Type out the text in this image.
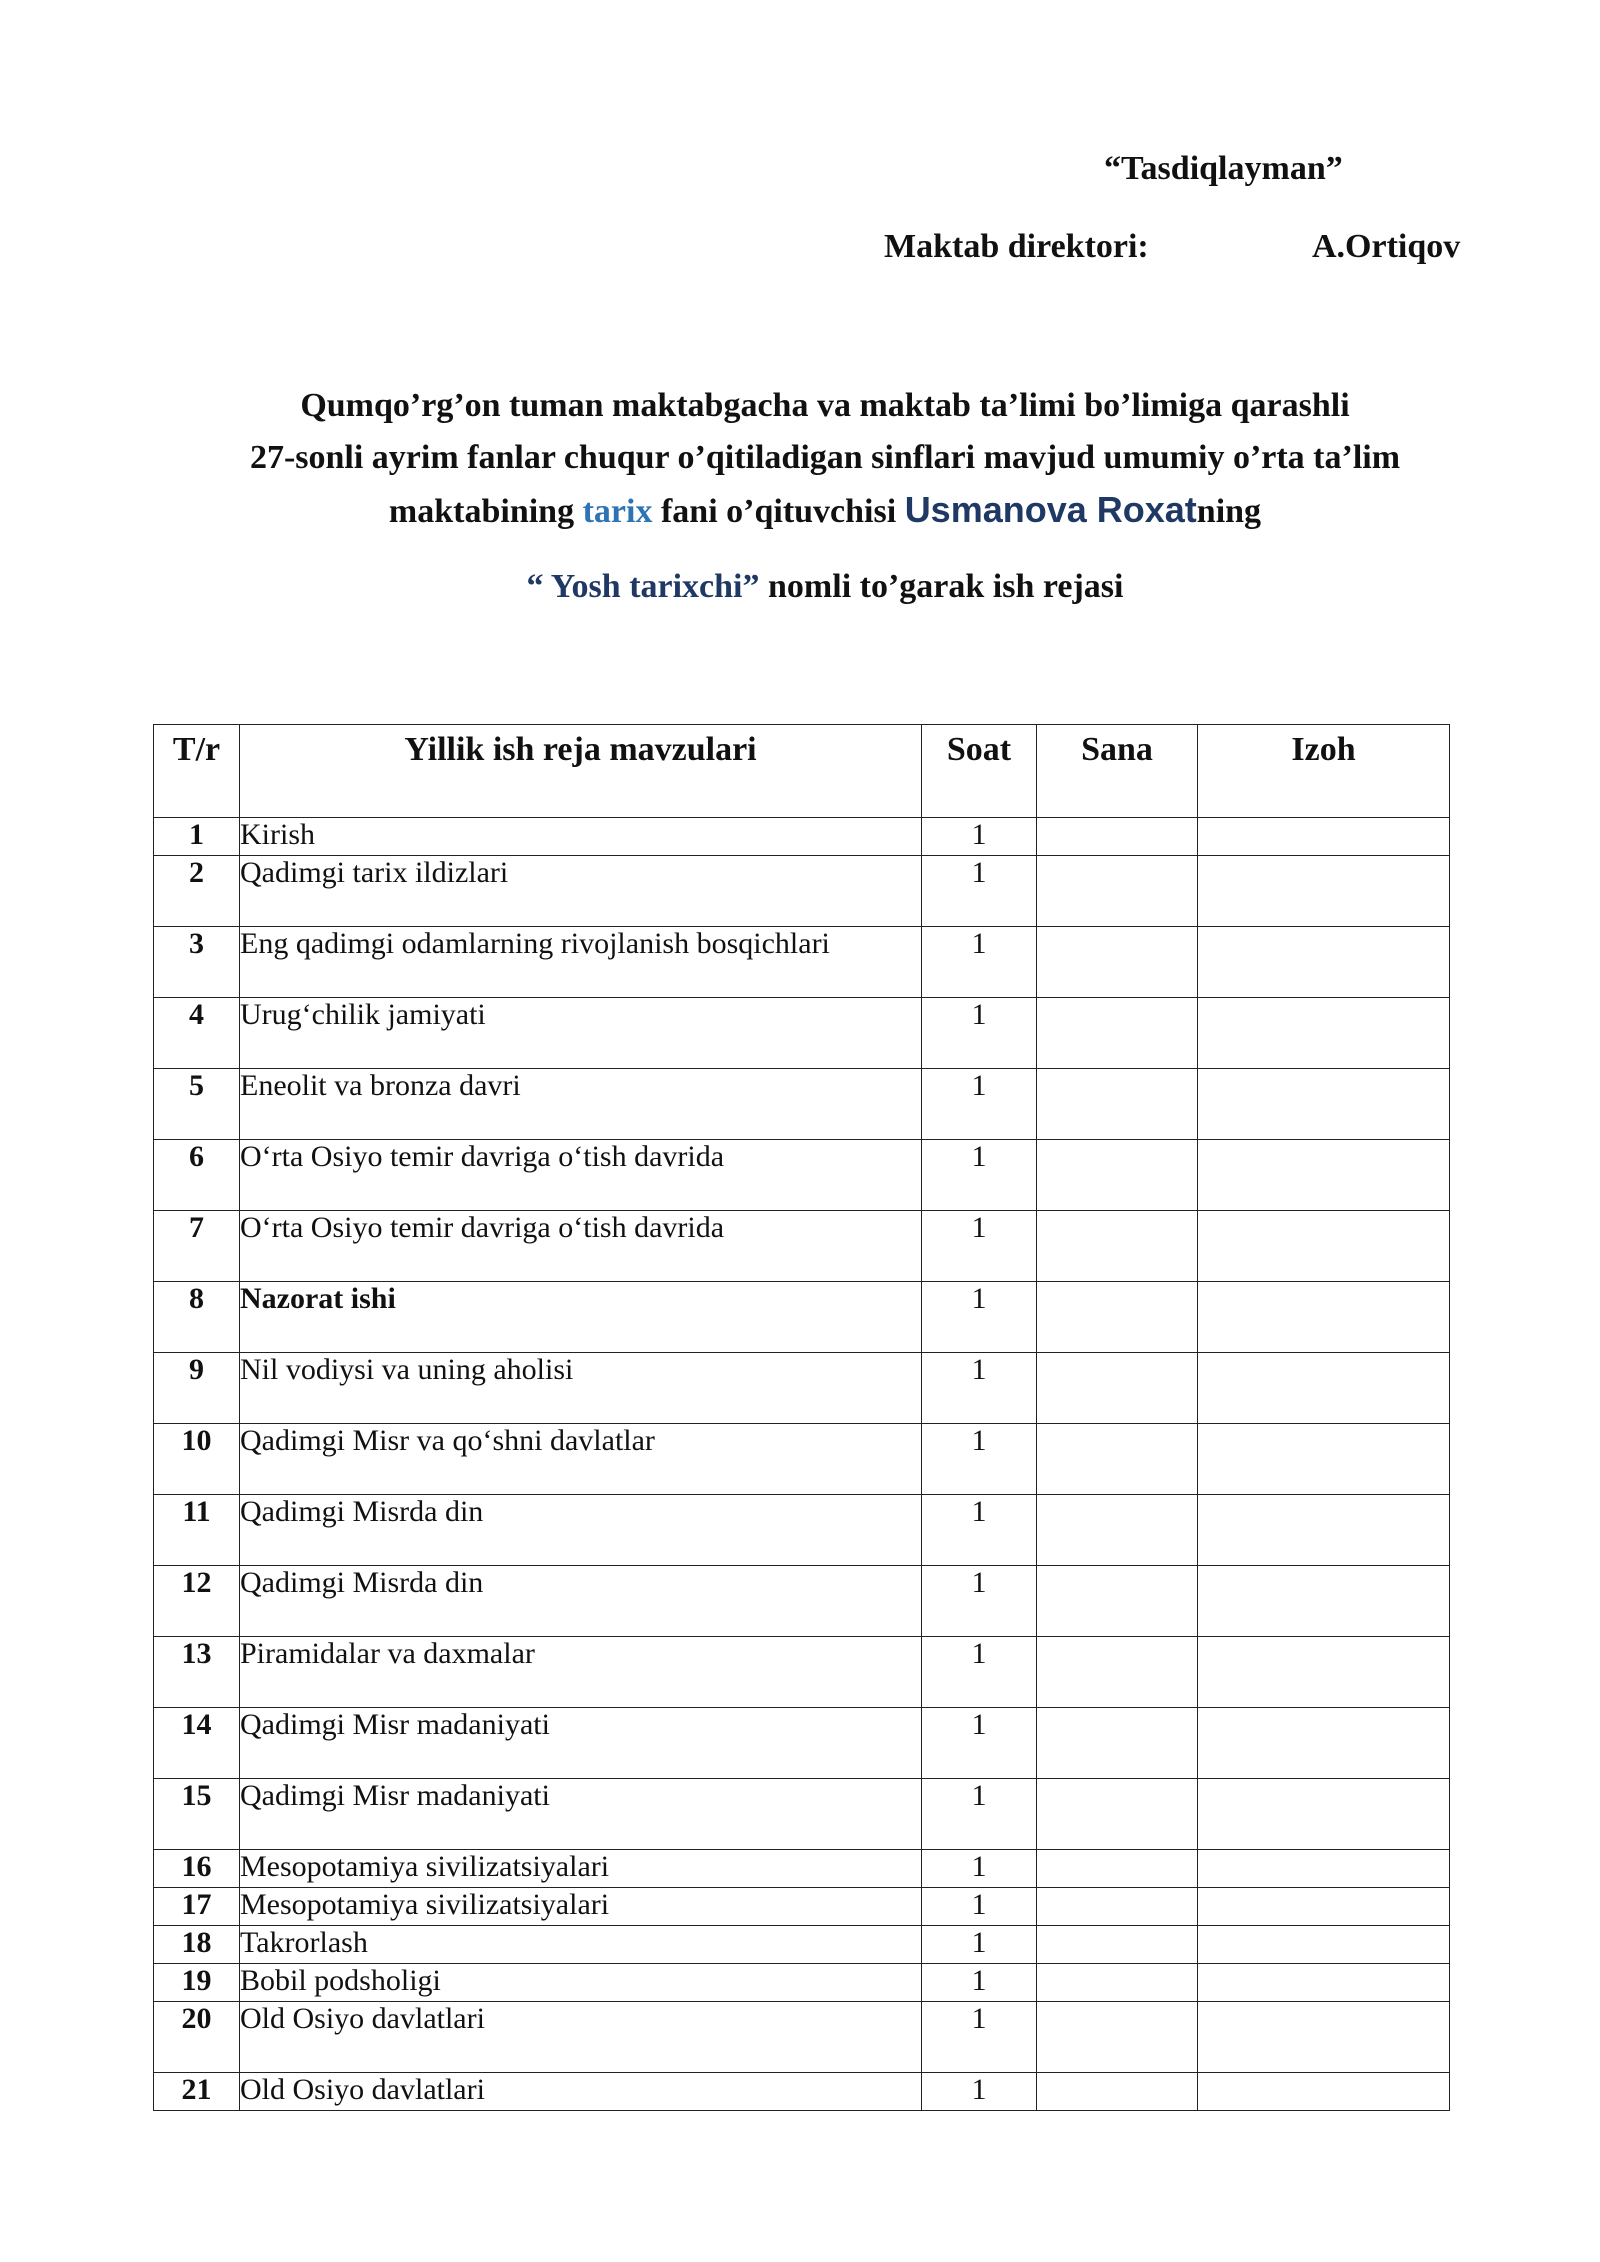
“Tasdiqlayman”
Maktab direktori:	A.Ortiqov
Qumqo’rg’on tuman maktabgacha va maktab ta’limi bo’limiga qarashli
27-sonli ayrim fanlar chuqur o’qitiladigan sinflari mavjud umumiy o’rta ta’lim
maktabining tarix fani o’qituvchisi Usmanova Roxatning
“ Yosh tarixchi” nomli to’garak ish rejasi
T/r	Yillik ish reja mavzulari	Soat	Sana	Izoh
1	Kirish	1		
2	Qadimgi tarix ildizlari	1		
3	Eng qadimgi odamlarning rivojlanish bosqichlari	1		
4	Urug‘chilik jamiyati	1		
5	Eneolit va bronza davri	1		
6	O‘rta Osiyo temir davriga o‘tish davrida	1		
7	O‘rta Osiyo temir davriga o‘tish davrida	1		
8	Nazorat ishi	1		
9	Nil vodiysi va uning aholisi	1		
10	Qadimgi Misr va qo‘shni davlatlar	1		
11	Qadimgi Misrda din	1		
12	Qadimgi Misrda din	1		
13	Piramidalar va daxmalar	1		
14	Qadimgi Misr madaniyati	1		
15	Qadimgi Misr madaniyati	1		
16	Mesopotamiya sivilizatsiyalari	1		
17	Mesopotamiya sivilizatsiyalari	1		
18	Takrorlash	1		
19	Bobil podsholigi	1		
20	Old Osiyo davlatlari	1		
21	Old Osiyo davlatlari	1		
